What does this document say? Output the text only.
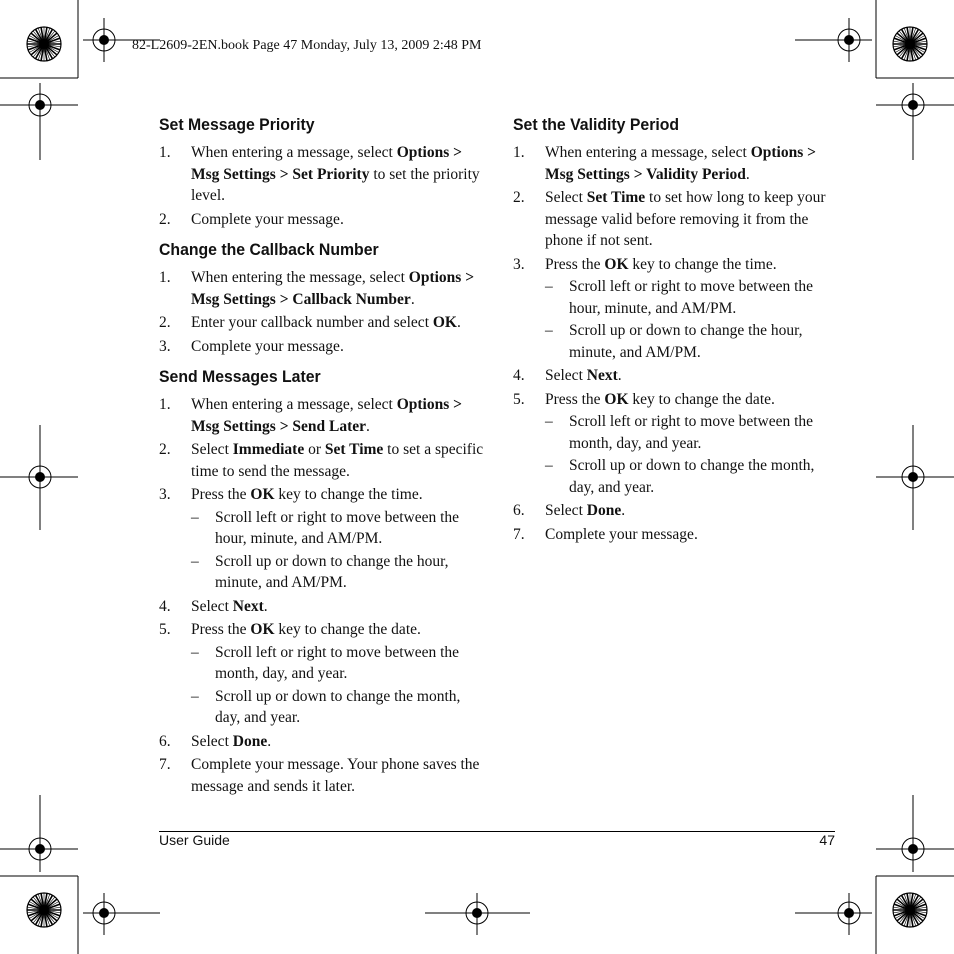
82-L2609-2EN.book Page 47 Monday, July 13, 2009 2:48 PM
Set Message Priority
1. When entering a message, select Options > Msg Settings > Set Priority to set the priority level.
2. Complete your message.
Change the Callback Number
1. When entering the message, select Options > Msg Settings > Callback Number.
2. Enter your callback number and select OK.
3. Complete your message.
Send Messages Later
1. When entering a message, select Options > Msg Settings > Send Later.
2. Select Immediate or Set Time to set a specific time to send the message.
3. Press the OK key to change the time.
– Scroll left or right to move between the hour, minute, and AM/PM.
– Scroll up or down to change the hour, minute, and AM/PM.
4. Select Next.
5. Press the OK key to change the date.
– Scroll left or right to move between the month, day, and year.
– Scroll up or down to change the month, day, and year.
6. Select Done.
7. Complete your message. Your phone saves the message and sends it later.
Set the Validity Period
1. When entering a message, select Options > Msg Settings > Validity Period.
2. Select Set Time to set how long to keep your message valid before removing it from the phone if not sent.
3. Press the OK key to change the time.
– Scroll left or right to move between the hour, minute, and AM/PM.
– Scroll up or down to change the hour, minute, and AM/PM.
4. Select Next.
5. Press the OK key to change the date.
– Scroll left or right to move between the month, day, and year.
– Scroll up or down to change the month, day, and year.
6. Select Done.
7. Complete your message.
User Guide	47
